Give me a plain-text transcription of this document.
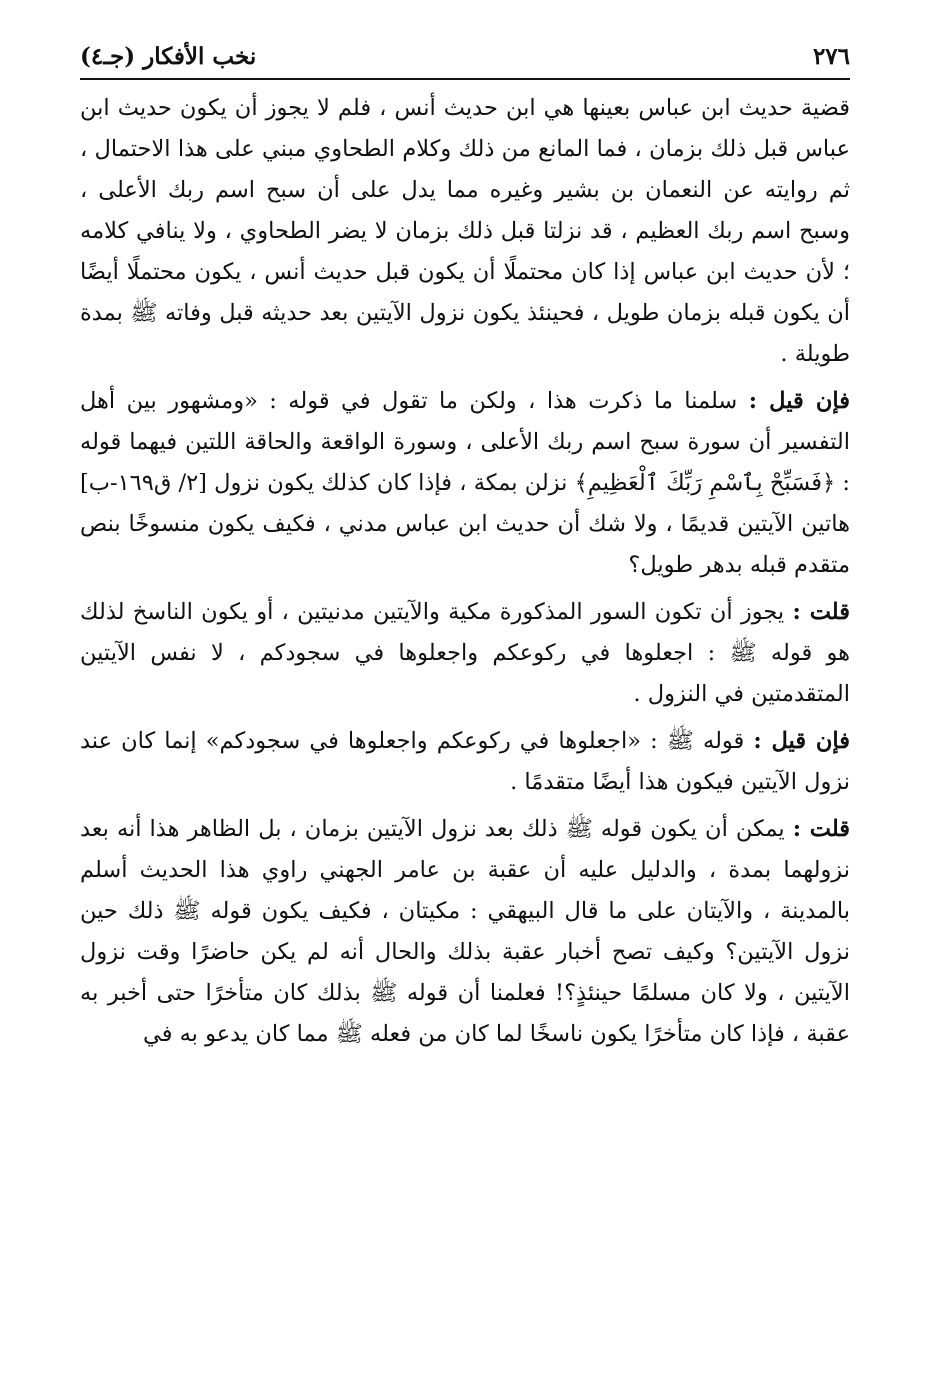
٢٧٦
نخب الأفكار (جـ٤)

قضية حديث ابن عباس بعينها هي ابن حديث أنس ، فلم لا يجوز أن يكون حديث ابن عباس قبل ذلك بزمان ، فما المانع من ذلك وكلام الطحاوي مبني على هذا الاحتمال ، ثم روايته عن النعمان بن بشير وغيره مما يدل على أن سبح اسم ربك الأعلى ، وسبح اسم ربك العظيم ، قد نزلتا قبل ذلك بزمان لا يضر الطحاوي ، ولا ينافي كلامه ؛ لأن حديث ابن عباس إذا كان محتملًا أن يكون قبل حديث أنس ، يكون محتملًا أيضًا أن يكون قبله بزمان طويل ، فحينئذ يكون نزول الآيتين بعد حديثه قبل وفاته ﷺ بمدة طويلة .

فإن قيل : سلمنا ما ذكرت هذا ، ولكن ما تقول في قوله : «ومشهور بين أهل التفسير أن سورة سبح اسم ربك الأعلى ، وسورة الواقعة والحاقة اللتين فيهما قوله : ﴿فَسَبِّحْ بِٱسْمِ رَبِّكَ ٱلْعَظِيمِ﴾ نزلن بمكة ، فإذا كان كذلك يكون نزول [٢/ ق١٦٩-ب] هاتين الآيتين قديمًا ، ولا شك أن حديث ابن عباس مدني ، فكيف يكون منسوخًا بنص متقدم قبله بدهر طويل؟

قلت : يجوز أن تكون السور المذكورة مكية والآيتين مدنيتين ، أو يكون الناسخ لذلك هو قوله ﷺ : اجعلوها في ركوعكم واجعلوها في سجودكم ، لا نفس الآيتين المتقدمتين في النزول .

فإن قيل : قوله ﷺ : «اجعلوها في ركوعكم واجعلوها في سجودكم» إنما كان عند نزول الآيتين فيكون هذا أيضًا متقدمًا .

قلت : يمكن أن يكون قوله ﷺ ذلك بعد نزول الآيتين بزمان ، بل الظاهر هذا أنه بعد نزولهما بمدة ، والدليل عليه أن عقبة بن عامر الجهني راوي هذا الحديث أسلم بالمدينة ، والآيتان على ما قال البيهقي : مكيتان ، فكيف يكون قوله ﷺ ذلك حين نزول الآيتين؟ وكيف تصح أخبار عقبة بذلك والحال أنه لم يكن حاضرًا وقت نزول الآيتين ، ولا كان مسلمًا حينئذٍ؟! فعلمنا أن قوله ﷺ بذلك كان متأخرًا حتى أخبر به عقبة ، فإذا كان متأخرًا يكون ناسخًا لما كان من فعله ﷺ مما كان يدعو به في
